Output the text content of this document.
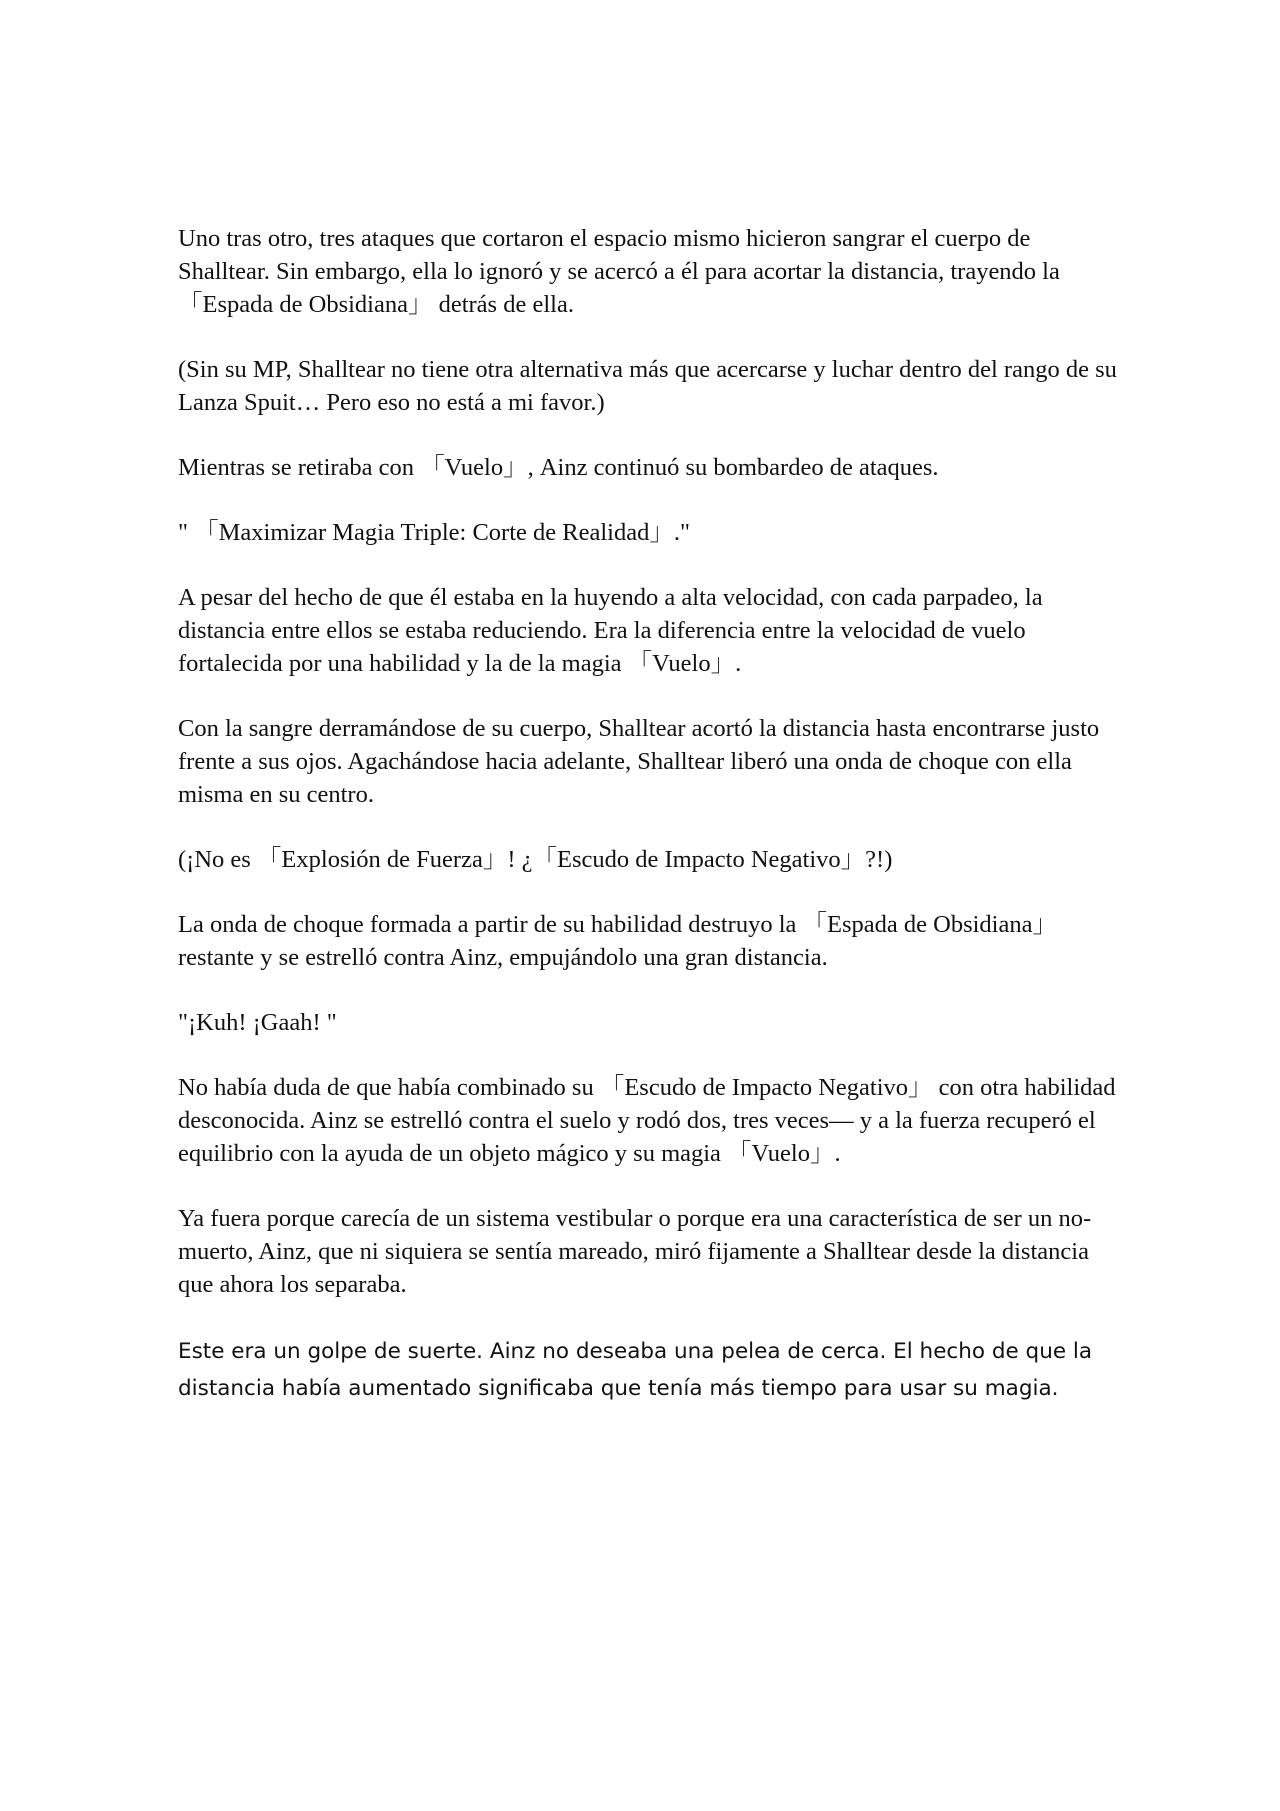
Uno tras otro, tres ataques que cortaron el espacio mismo hicieron sangrar el cuerpo de Shalltear. Sin embargo, ella lo ignoró y se acercó a él para acortar la distancia, trayendo la 「Espada de Obsidiana」 detrás de ella.

(Sin su MP, Shalltear no tiene otra alternativa más que acercarse y luchar dentro del rango de su Lanza Spuit… Pero eso no está a mi favor.)

Mientras se retiraba con 「Vuelo」, Ainz continuó su bombardeo de ataques.

" 「Maximizar Magia Triple: Corte de Realidad」."

A pesar del hecho de que él estaba en la huyendo a alta velocidad, con cada parpadeo, la distancia entre ellos se estaba reduciendo. Era la diferencia entre la velocidad de vuelo fortalecida por una habilidad y la de la magia 「Vuelo」.

Con la sangre derramándose de su cuerpo, Shalltear acortó la distancia hasta encontrarse justo frente a sus ojos. Agachándose hacia adelante, Shalltear liberó una onda de choque con ella misma en su centro.

(¡No es 「Explosión de Fuerza」! ¿「Escudo de Impacto Negativo」?!)

La onda de choque formada a partir de su habilidad destruyo la 「Espada de Obsidiana」 restante y se estrelló contra Ainz, empujándolo una gran distancia.

"¡Kuh! ¡Gaah! "

No había duda de que había combinado su 「Escudo de Impacto Negativo」 con otra habilidad desconocida. Ainz se estrelló contra el suelo y rodó dos, tres veces— y a la fuerza recuperó el equilibrio con la ayuda de un objeto mágico y su magia 「Vuelo」.

Ya fuera porque carecía de un sistema vestibular o porque era una característica de ser un no-muerto, Ainz, que ni siquiera se sentía mareado, miró fijamente a Shalltear desde la distancia que ahora los separaba.

Este era un golpe de suerte. Ainz no deseaba una pelea de cerca. El hecho de que la distancia había aumentado significaba que tenía más tiempo para usar su magia.
